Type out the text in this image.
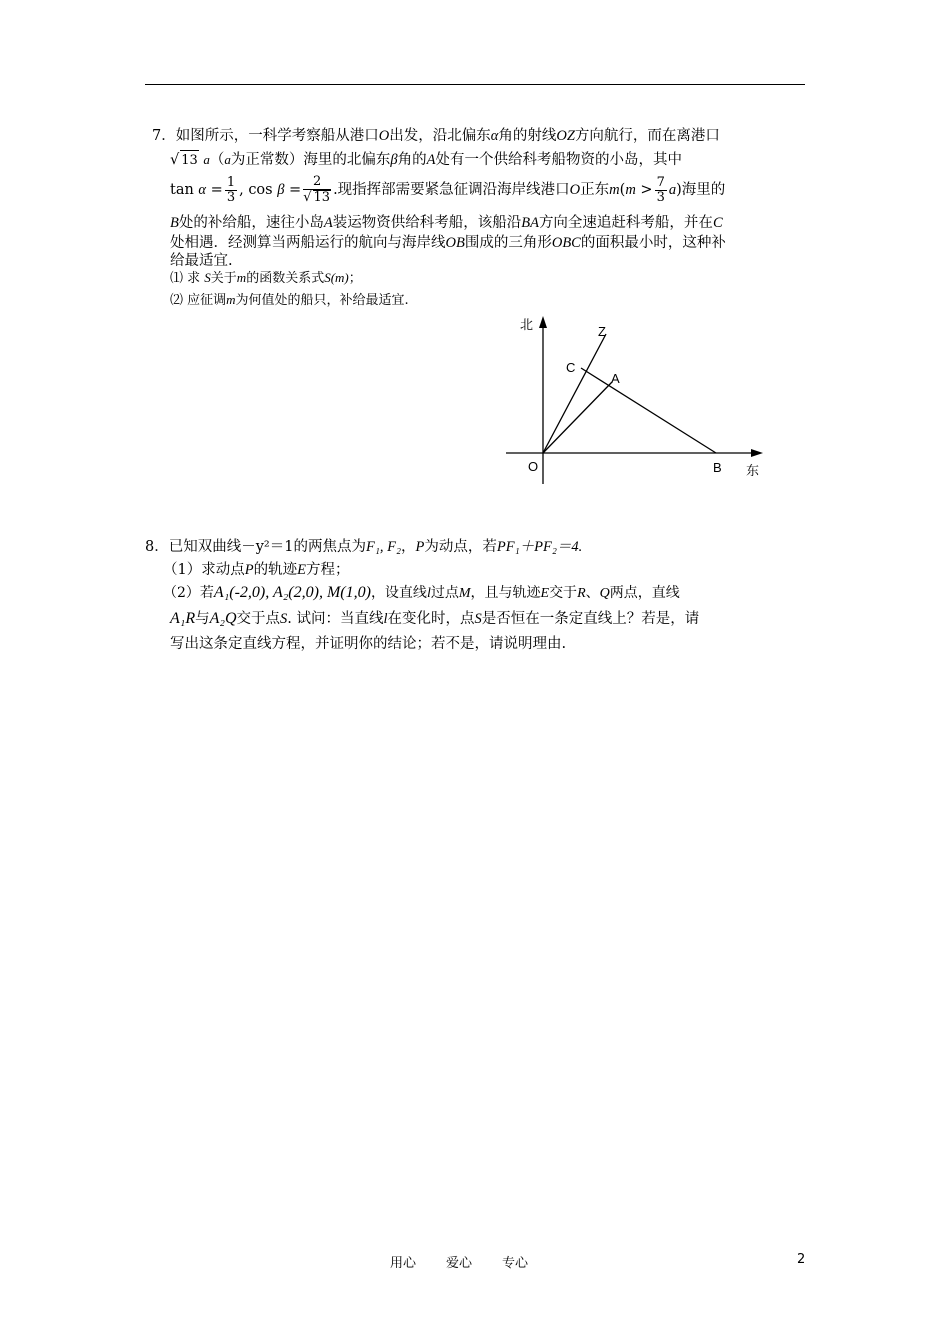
7．如图所示，一科学考察船从港口O出发，沿北偏东α角的射线OZ方向航行，而在离港口
√ 13 a（a为正常数）海里的北偏东β角的A处有一个供给科考船物资的小岛，其中
$\tan \alpha = \frac{1}{3}$ , $\cos \beta = \frac{2}{√ 13}$ .现指挥部需要紧急征调沿海岸线港口O正东$m(m > \frac{7}{3} a)$海里的
B处的补给船，速往小岛A装运物资供给科考船，该船沿BA方向全速追赶科考船，并在C
处相遇．经测算当两船运行的航向与海岸线OB围成的三角形OBC的面积最小时，这种补
给最适宜.
⑴ 求 S关于m的函数关系式S(m)；
⑵ 应征调m为何值处的船只，补给最适宜.
北	Z
C
A
O	B 东
8．已知双曲线－y²＝1的两焦点为F₁, F₂，P为动点，若PF₁＋PF₂＝4.
（1）求动点P的轨迹E方程；
（2）若A₁(-2,0), A₂(2,0), M(1,0)，设直线l过点M，且与轨迹E交于R、Q两点，直线
A₁R与A₂Q交于点S. 试问：当直线l在变化时，点S是否恒在一条定直线上？若是，请
写出这条定直线方程，并证明你的结论；若不是，请说明理由.
用心 爱心 专心	2
